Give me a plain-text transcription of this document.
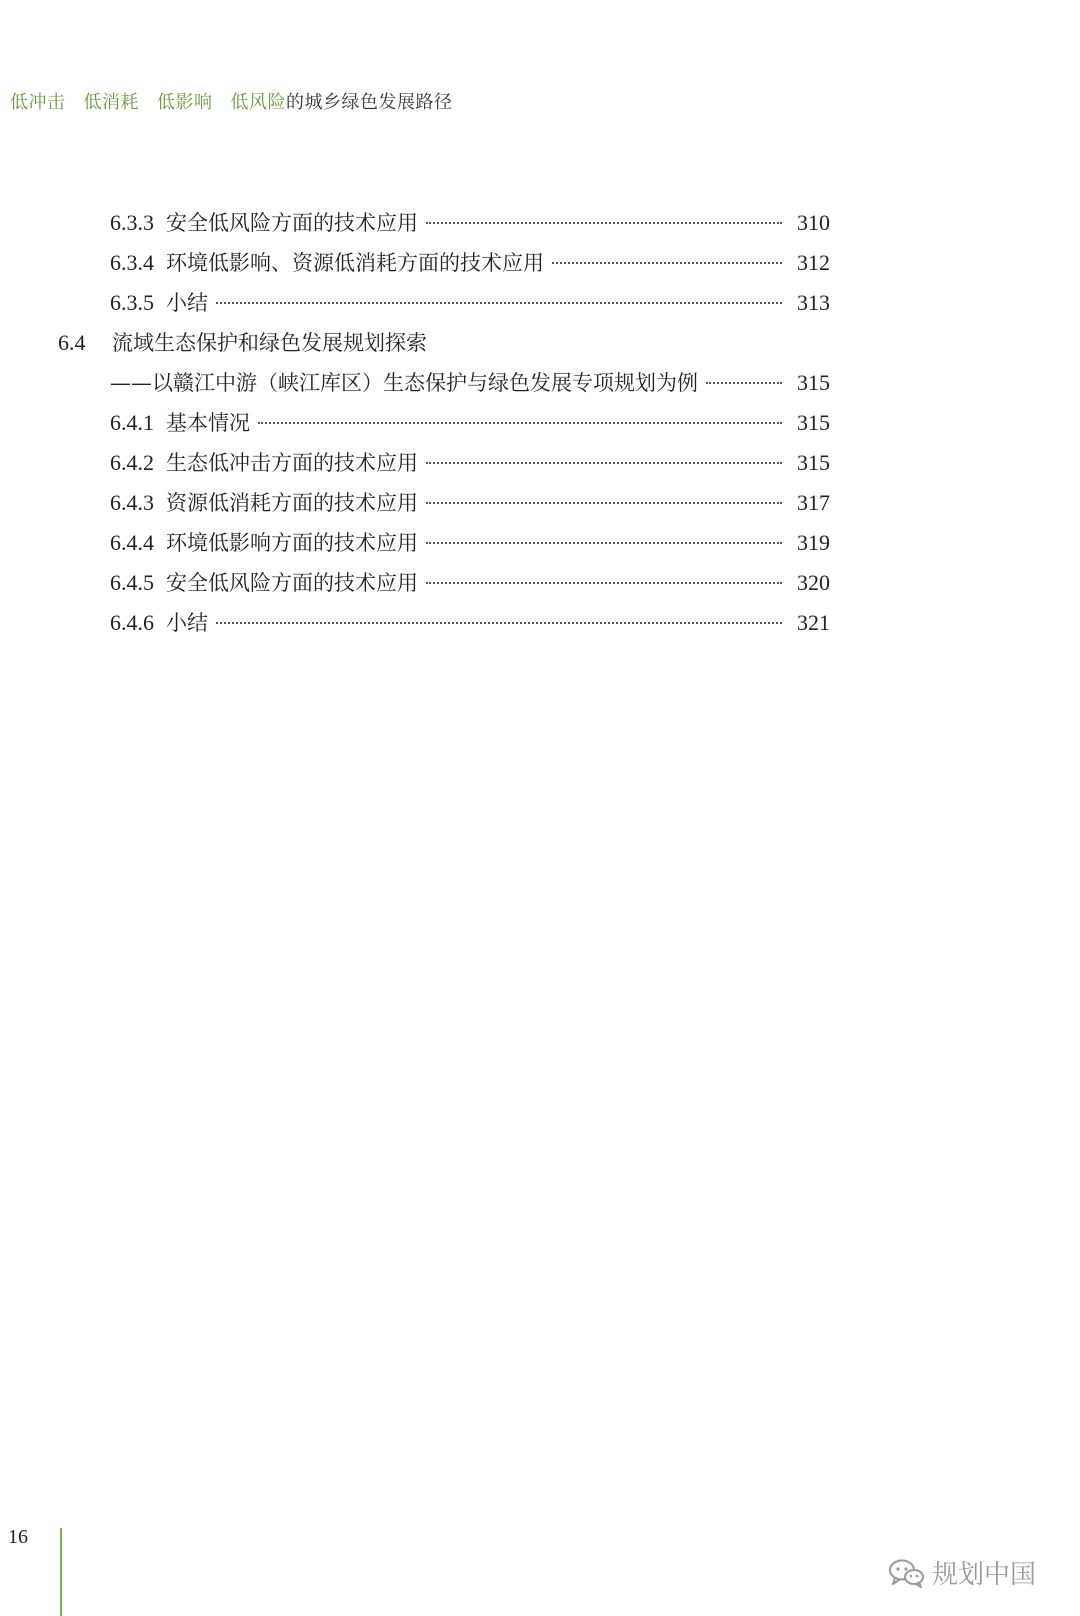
低冲击 低消耗 低影响 低风险的城乡绿色发展路径
6.3.3 安全低风险方面的技术应用	310
6.3.4 环境低影响、资源低消耗方面的技术应用	312
6.3.5 小结	313
6.4	流域生态保护和绿色发展规划探索
——以赣江中游（峡江库区）生态保护与绿色发展专项规划为例	315
6.4.1 基本情况	315
6.4.2 生态低冲击方面的技术应用	315
6.4.3 资源低消耗方面的技术应用	317
6.4.4 环境低影响方面的技术应用	319
6.4.5 安全低风险方面的技术应用	320
6.4.6 小结	321
16
规划中国
